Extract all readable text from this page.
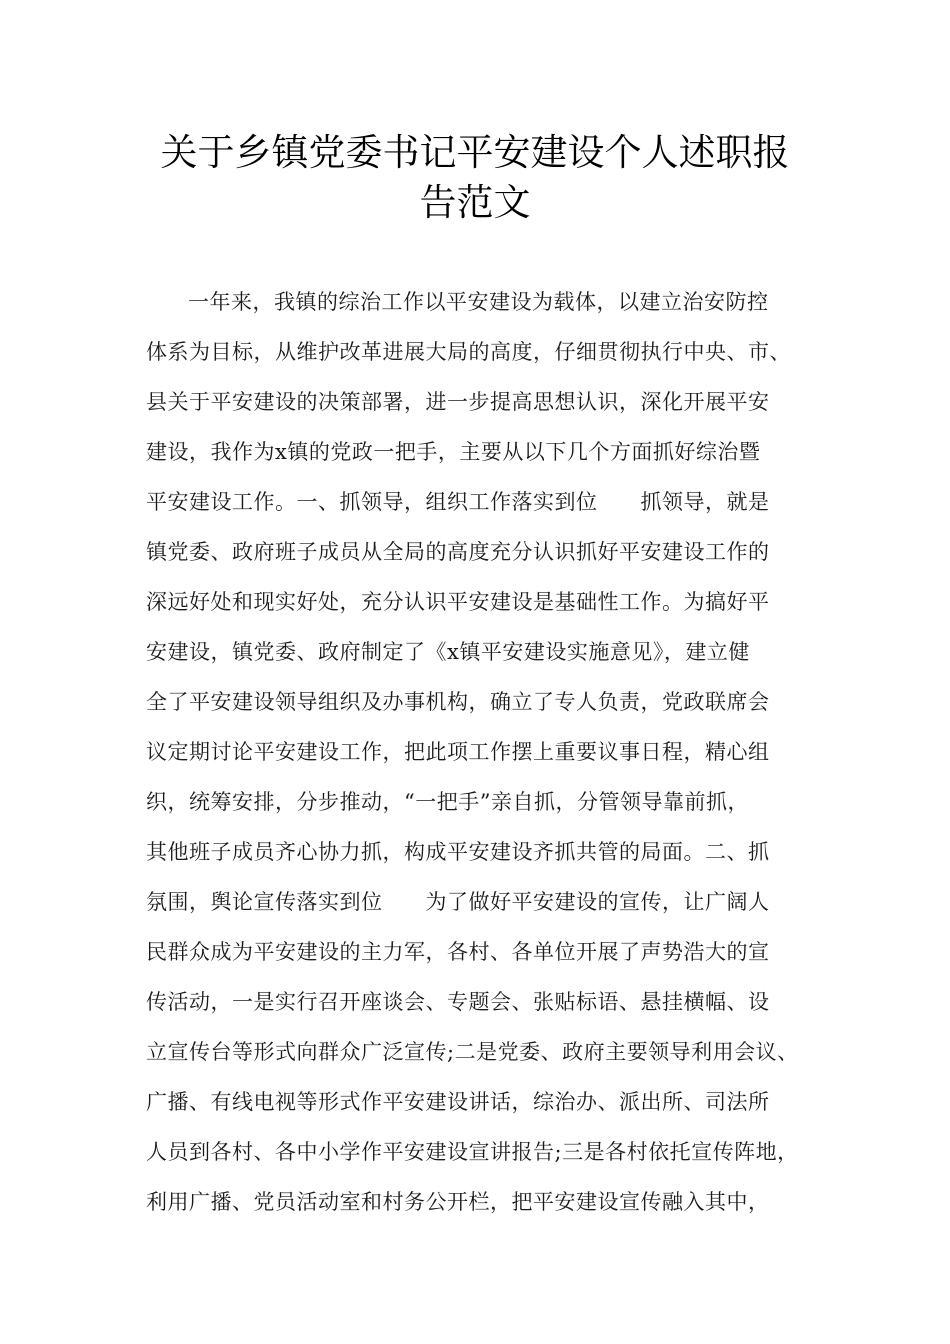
关于乡镇党委书记平安建设个人述职报
告范文
一年来，我镇的综治工作以平安建设为载体，以建立治安防控
体系为目标，从维护改革进展大局的高度，仔细贯彻执行中央、市、
县关于平安建设的决策部署，进一步提高思想认识，深化开展平安
建设，我作为x镇的党政一把手，主要从以下几个方面抓好综治暨
平安建设工作。一、抓领导，组织工作落实到位　　抓领导，就是
镇党委、政府班子成员从全局的高度充分认识抓好平安建设工作的
深远好处和现实好处，充分认识平安建设是基础性工作。为搞好平
安建设，镇党委、政府制定了《x镇平安建设实施意见》，建立健
全了平安建设领导组织及办事机构，确立了专人负责，党政联席会
议定期讨论平安建设工作，把此项工作摆上重要议事日程，精心组
织，统筹安排，分步推动，“一把手”亲自抓，分管领导靠前抓，
其他班子成员齐心协力抓，构成平安建设齐抓共管的局面。二、抓
氛围，舆论宣传落实到位　　为了做好平安建设的宣传，让广阔人
民群众成为平安建设的主力军，各村、各单位开展了声势浩大的宣
传活动，一是实行召开座谈会、专题会、张贴标语、悬挂横幅、设
立宣传台等形式向群众广泛宣传;二是党委、政府主要领导利用会议、
广播、有线电视等形式作平安建设讲话，综治办、派出所、司法所
人员到各村、各中小学作平安建设宣讲报告;三是各村依托宣传阵地，
利用广播、党员活动室和村务公开栏，把平安建设宣传融入其中，
